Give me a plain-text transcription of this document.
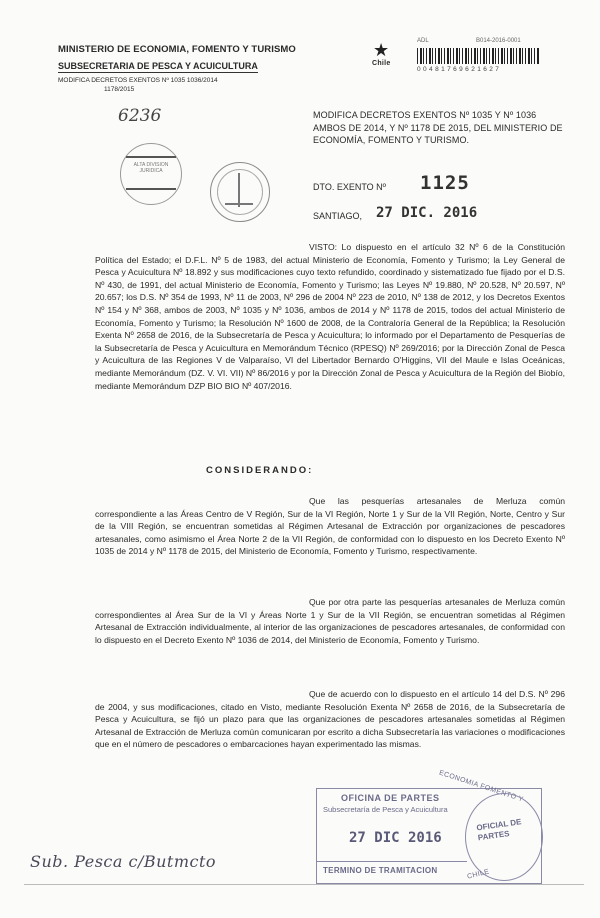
MINISTERIO DE ECONOMIA, FOMENTO Y TURISMO
SUBSECRETARIA DE PESCA Y ACUICULTURA
MODIFICA DECRETOS EXENTOS Nº 1035 1036/2014
1178/2015
6236
ALTA DIVISION JURIDICA
★
Chile
ADL	B014-2016-0001
0 0 4 8 1 7 6 9 6 2 1 6 2 7
MODIFICA DECRETOS EXENTOS Nº 1035 Y Nº 1036 AMBOS DE 2014, Y Nº 1178 DE 2015, DEL MINISTERIO DE ECONOMÍA, FOMENTO Y TURISMO.
DTO. EXENTO Nº 1125
SANTIAGO, 27 DIC. 2016
VISTO: Lo dispuesto en el artículo 32 Nº 6 de la Constitución Política del Estado; el D.F.L. Nº 5 de 1983, del actual Ministerio de Economía, Fomento y Turismo; la Ley General de Pesca y Acuicultura Nº 18.892 y sus modificaciones cuyo texto refundido, coordinado y sistematizado fue fijado por el D.S. Nº 430, de 1991, del actual Ministerio de Economía, Fomento y Turismo; las Leyes Nº 19.880, Nº 20.528, Nº 20.597, Nº 20.657; los D.S. Nº 354 de 1993, Nº 11 de 2003, Nº 296 de 2004 Nº 223 de 2010, Nº 138 de 2012, y los Decretos Exentos Nº 154 y Nº 368, ambos de 2003, Nº 1035 y Nº 1036, ambos de 2014 y Nº 1178 de 2015, todos del actual Ministerio de Economía, Fomento y Turismo; la Resolución Nº 1600 de 2008, de la Contraloría General de la República; la Resolución Exenta Nº 2658 de 2016, de la Subsecretaría de Pesca y Acuicultura; lo informado por el Departamento de Pesquerías de la Subsecretaría de Pesca y Acuicultura en Memorándum Técnico (RPESQ) Nº 269/2016; por la Dirección Zonal de Pesca y Acuicultura de las Regiones V de Valparaíso, VI del Libertador Bernardo O'Higgins, VII del Maule e Islas Oceánicas, mediante Memorándum (DZ. V. VI. VII) Nº 86/2016 y por la Dirección Zonal de Pesca y Acuicultura de la Región del Biobío, mediante Memorándum DZP BIO BIO Nº 407/2016.
CONSIDERANDO:
Que las pesquerías artesanales de Merluza común correspondiente a las Áreas Centro de V Región, Sur de la VI Región, Norte 1 y Sur de la VII Región, Norte, Centro y Sur de la VIII Región, se encuentran sometidas al Régimen Artesanal de Extracción por organizaciones de pescadores artesanales, como asimismo el Área Norte 2 de la VII Región, de conformidad con lo dispuesto en los Decreto Exento Nº 1035 de 2014 y Nº 1178 de 2015, del Ministerio de Economía, Fomento y Turismo, respectivamente.
Que por otra parte las pesquerías artesanales de Merluza común correspondientes al Área Sur de la VI y Áreas Norte 1 y Sur de la VII Región, se encuentran sometidas al Régimen Artesanal de Extracción individualmente, al interior de las organizaciones de pescadores artesanales, de conformidad con lo dispuesto en el Decreto Exento Nº 1036 de 2014, del Ministerio de Economía, Fomento y Turismo.
Que de acuerdo con lo dispuesto en el artículo 14 del D.S. Nº 296 de 2004, y sus modificaciones, citado en Visto, mediante Resolución Exenta Nº 2658 de 2016, de la Subsecretaría de Pesca y Acuicultura, se fijó un plazo para que las organizaciones de pescadores artesanales sometidas al Régimen Artesanal de Extracción de Merluza común comunicaran por escrito a dicha Subsecretaría las variaciones o modificaciones que en el número de pescadores o embarcaciones hayan experimentado las mismas.
ECONOMIA FOMENTO Y
OFICINA DE PARTES
Subsecretaría de Pesca y Acuicultura
27 DIC 2016
TERMINO DE TRAMITACION
OFICIAL DE PARTES
CHILE
Sub. Pesca c/Butmcto
